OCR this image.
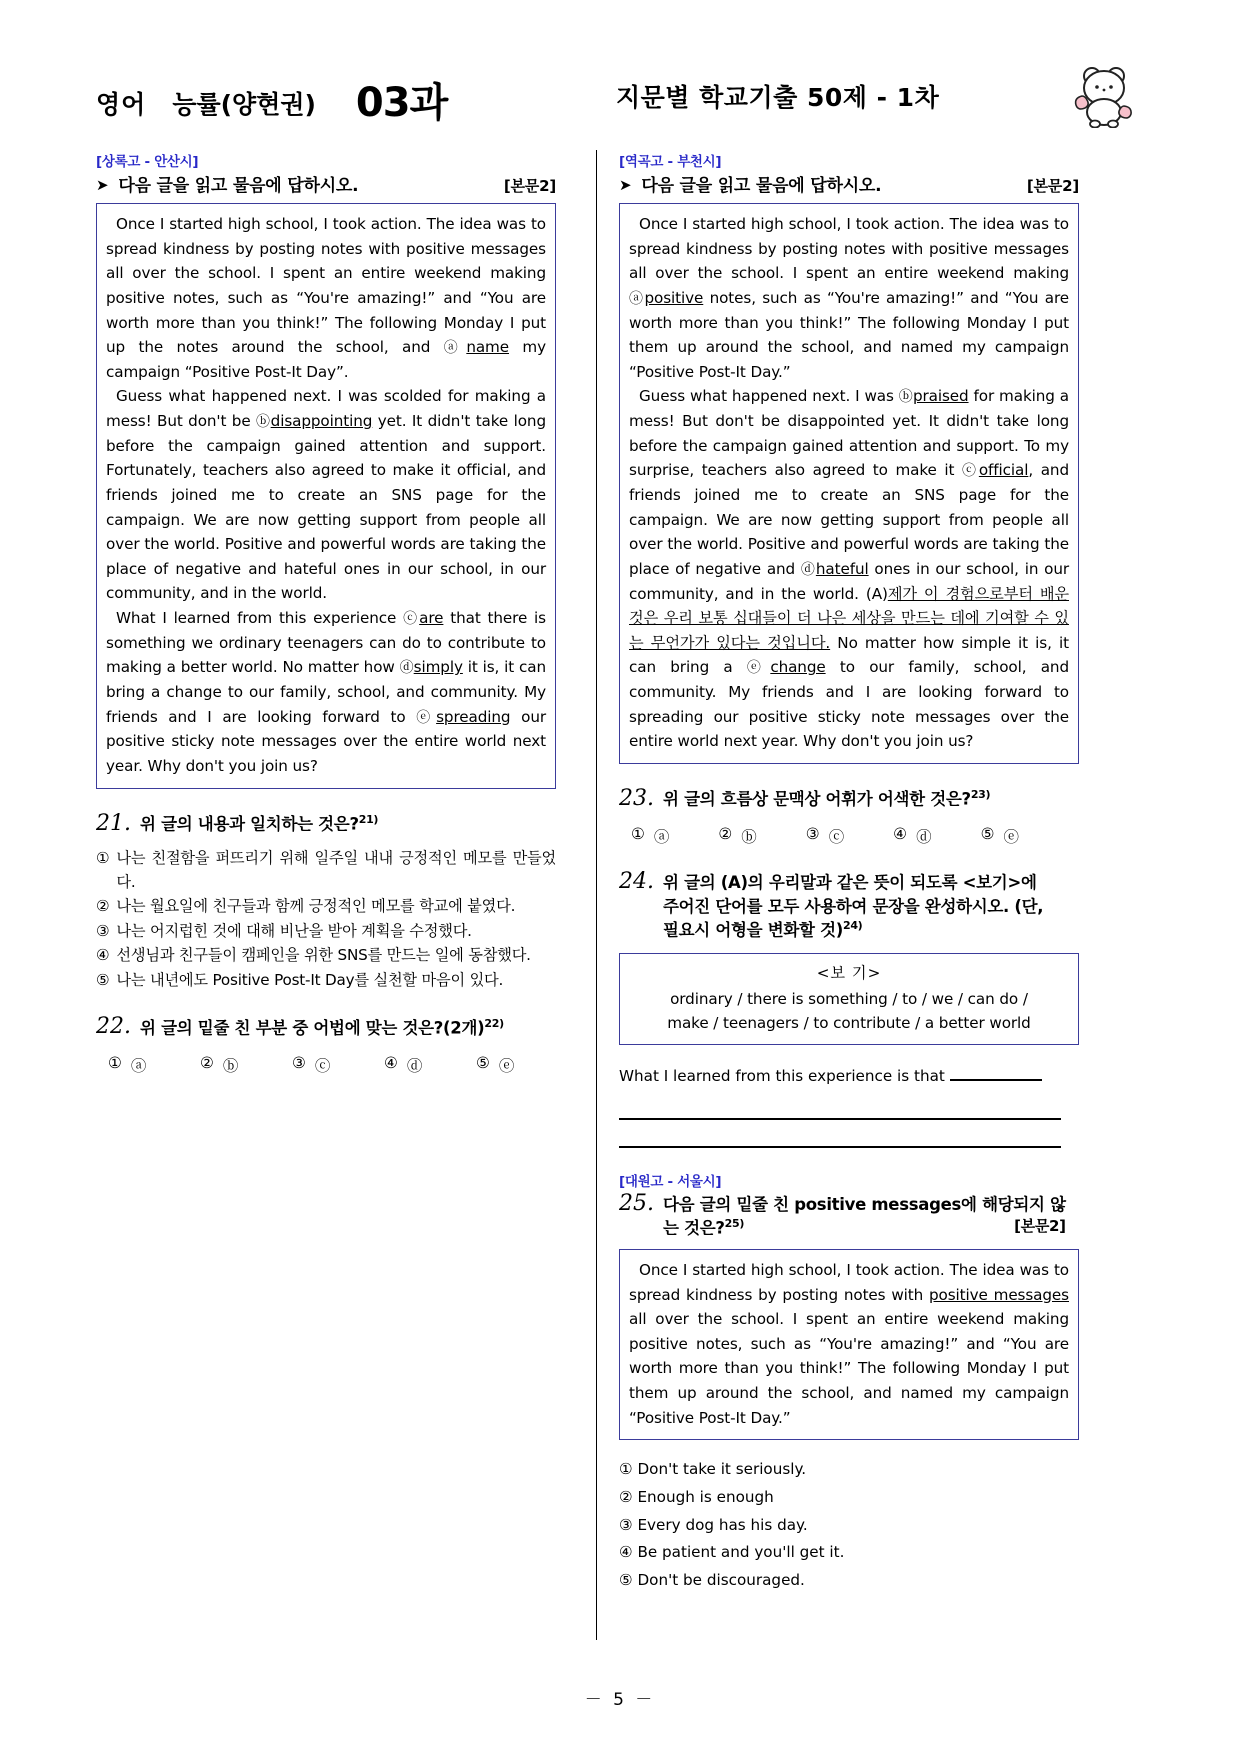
영어 능률(양현권) 03과	지문별 학교기출 50제 - 1차
[상록고 - 안산시]
➤ 다음 글을 읽고 물음에 답하시오.	[본문2]

Once I started high school, I took action. The idea was to spread kindness by posting notes with positive messages all over the school. I spent an entire weekend making positive notes, such as “You're amazing!” and “You are worth more than you think!” The following Monday I put up the notes around the school, and ⓐname my campaign “Positive Post-It Day”.

Guess what happened next. I was scolded for making a mess! But don't be ⓑdisappointing yet. It didn't take long before the campaign gained attention and support. Fortunately, teachers also agreed to make it official, and friends joined me to create an SNS page for the campaign. We are now getting support from people all over the world. Positive and powerful words are taking the place of negative and hateful ones in our school, in our community, and in the world.

What I learned from this experience ⓒare that there is something we ordinary teenagers can do to contribute to making a better world. No matter how ⓓsimply it is, it can bring a change to our family, school, and community. My friends and I are looking forward to ⓔspreading our positive sticky note messages over the entire world next year. Why don't you join us?

21. 위 글의 내용과 일치하는 것은?$^{21)}$
① 나는 친절함을 퍼뜨리기 위해 일주일 내내 긍정적인 메모를 만들었다.
② 나는 월요일에 친구들과 함께 긍정적인 메모를 학교에 붙였다.
③ 나는 어지럽힌 것에 대해 비난을 받아 계획을 수정했다.
④ 선생님과 친구들이 캠페인을 위한 SNS를 만드는 일에 동참했다.
⑤ 나는 내년에도 Positive Post-It Day를 실천할 마음이 있다.
22. 위 글의 밑줄 친 부분 중 어법에 맞는 것은?(2개)$^{22)}$
① ⓐ	② ⓑ	③ ⓒ	④ ⓓ	⑤ ⓔ
[역곡고 - 부천시]
➤ 다음 글을 읽고 물음에 답하시오.	[본문2]

Once I started high school, I took action. The idea was to spread kindness by posting notes with positive messages all over the school. I spent an entire weekend making ⓐpositive notes, such as “You're amazing!” and “You are worth more than you think!” The following Monday I put them up around the school, and named my campaign “Positive Post-It Day.”

Guess what happened next. I was ⓑpraised for making a mess! But don't be disappointed yet. It didn't take long before the campaign gained attention and support. To my surprise, teachers also agreed to make it ⓒofficial, and friends joined me to create an SNS page for the campaign. We are now getting support from people all over the world. Positive and powerful words are taking the place of negative and ⓓhateful ones in our school, in our community, and in the world. (A)제가 이 경험으로부터 배운 것은 우리 보통 십대들이 더 나은 세상을 만드는 데에 기여할 수 있는 무언가가 있다는 것입니다. No matter how simple it is, it can bring a ⓔchange to our family, school, and community. My friends and I are looking forward to spreading our positive sticky note messages over the entire world next year. Why don't you join us?

23. 위 글의 흐름상 문맥상 어휘가 어색한 것은?$^{23)}$
① ⓐ	② ⓑ	③ ⓒ	④ ⓓ	⑤ ⓔ
24. 위 글의 (A)의 우리말과 같은 뜻이 되도록 <보기>에
주어진 단어를 모두 사용하여 문장을 완성하시오. (단,
필요시 어형을 변화할 것)$^{24)}$
<보 기>
ordinary / there is something / to / we / can do /
make / teenagers / to contribute / a better world
What I learned from this experience is that
[대원고 - 서울시]
25. 다음 글의 밑줄 친 positive messages에 해당되지 않
는 것은?$^{25)}$	[본문2]

Once I started high school, I took action. The idea was to spread kindness by posting notes with positive messages all over the school. I spent an entire weekend making positive notes, such as “You're amazing!” and “You are worth more than you think!” The following Monday I put them up around the school, and named my campaign “Positive Post-It Day.”

① Don't take it seriously.
② Enough is enough
③ Every dog has his day.
④ Be patient and you'll get it.
⑤ Don't be discouraged.
－ 5 －
